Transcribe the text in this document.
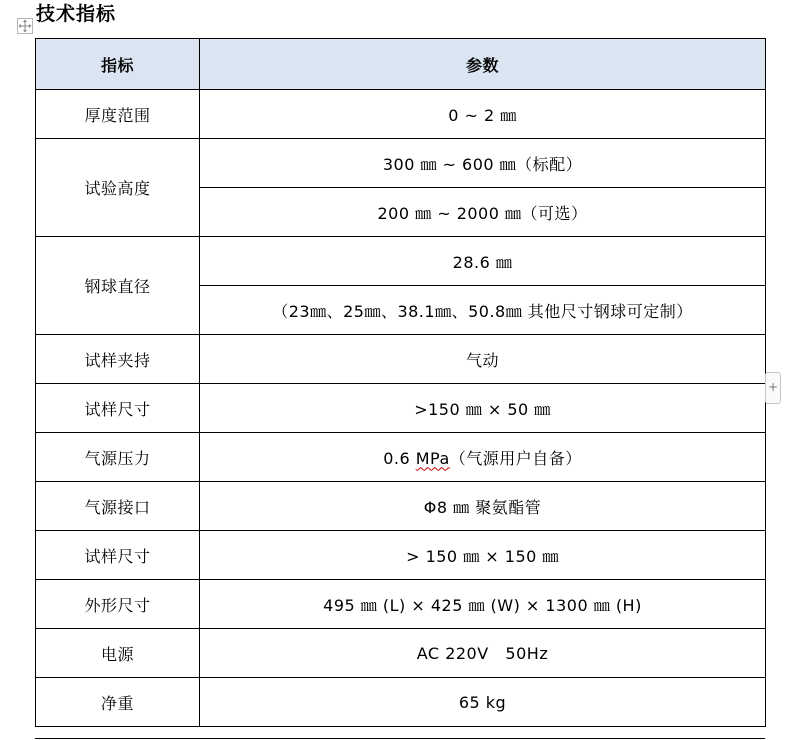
技术指标
指标	参数
厚度范围	0 ~ 2 ㎜
试验高度	300 ㎜ ~ 600 ㎜（标配）
	200 ㎜ ~ 2000 ㎜（可选）
钢球直径	28.6 ㎜
	（23㎜、25㎜、38.1㎜、50.8㎜ 其他尺寸钢球可定制）
试样夹持	气动
试样尺寸	>150 ㎜ × 50 ㎜
气源压力	0.6 MPa（气源用户自备）
气源接口	Φ8 ㎜ 聚氨酯管
试样尺寸	> 150 ㎜ × 150 ㎜
外形尺寸	495 ㎜ (L) × 425 ㎜ (W) × 1300 ㎜ (H)
电源	AC 220V   50Hz
净重	65 kg
+
